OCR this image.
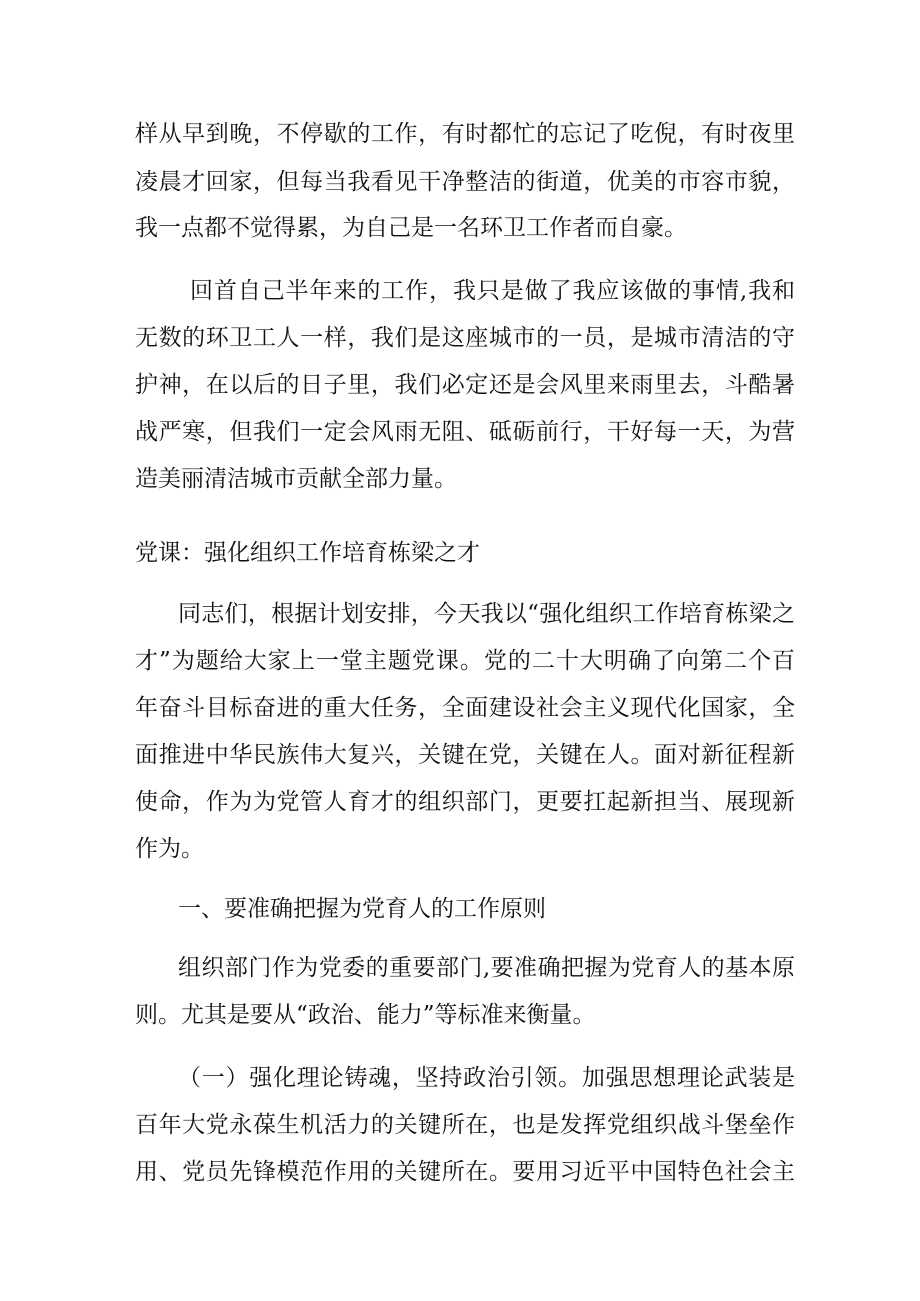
样从早到晚，不停歇的工作，有时都忙的忘记了吃倪，有时夜里
凌晨才回家，但每当我看见干净整洁的街道，优美的市容市貌，
我一点都不觉得累，为自己是一名环卫工作者而自豪。
回首自己半年来的工作，我只是做了我应该做的事情,我和
无数的环卫工人一样，我们是这座城市的一员，是城市清洁的守
护神，在以后的日子里，我们必定还是会风里来雨里去，斗酷暑
战严寒，但我们一定会风雨无阻、砥砺前行，干好每一天，为营
造美丽清洁城市贡献全部力量。
党课：强化组织工作培育栋梁之才
同志们，根据计划安排，今天我以“强化组织工作培育栋梁之
才”为题给大家上一堂主题党课。党的二十大明确了向第二个百
年奋斗目标奋进的重大任务，全面建设社会主义现代化国家，全
面推进中华民族伟大复兴，关键在党，关键在人。面对新征程新
使命，作为为党管人育才的组织部门，更要扛起新担当、展现新
作为。
一、要准确把握为党育人的工作原则
组织部门作为党委的重要部门,要准确把握为党育人的基本原
则。尤其是要从“政治、能力”等标准来衡量。
（一）强化理论铸魂，坚持政治引领。加强思想理论武装是
百年大党永葆生机活力的关键所在，也是发挥党组织战斗堡垒作
用、党员先锋模范作用的关键所在。要用习近平中国特色社会主
